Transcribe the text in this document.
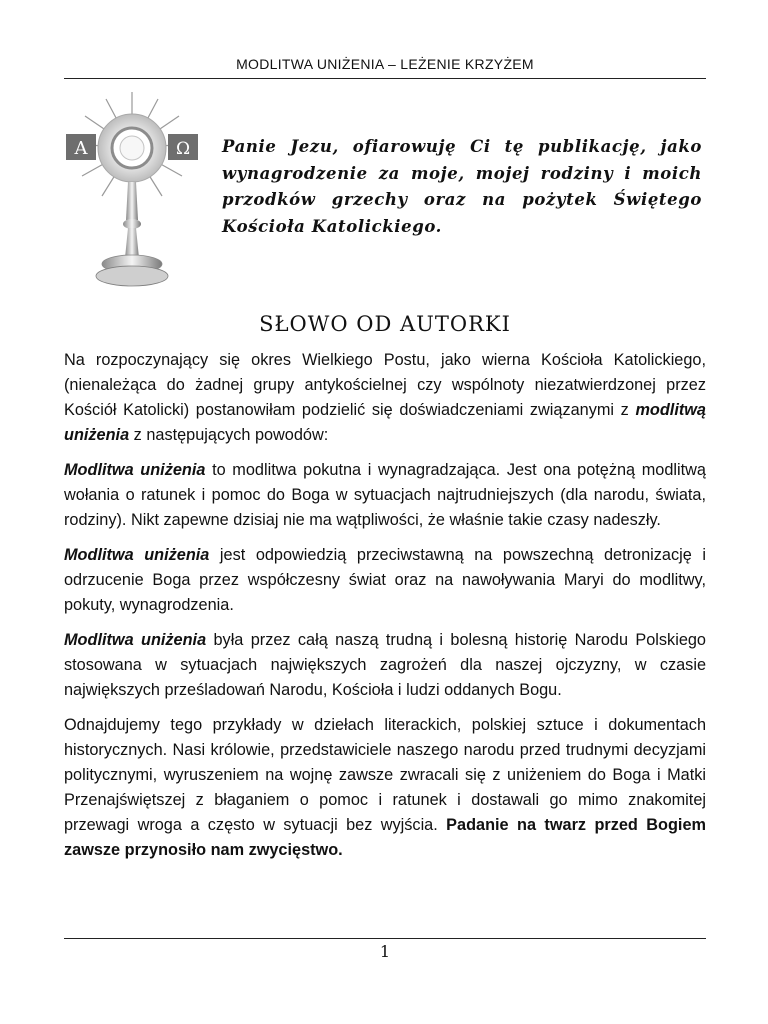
MODLITWA UNIŻENIA – LEŻENIE KRZYŻEM
A	Ω Panie Jezu, ofiarowuję Ci tę publikację, jako wynagrodzenie za moje, mojej rodziny i moich przodków grzechy oraz na pożytek Świętego Kościoła Katolickiego.
SŁOWO OD AUTORKI

Na rozpoczynający się okres Wielkiego Postu, jako wierna Kościoła Katolickiego, (nienależąca do żadnej grupy antykościelnej czy wspólnoty niezatwierdzonej przez Kościół Katolicki) postanowiłam podzielić się doświadczeniami związanymi z modlitwą uniżenia z następujących powodów:

Modlitwa uniżenia to modlitwa pokutna i wynagradzająca. Jest ona potężną modlitwą wołania o ratunek i pomoc do Boga w sytuacjach najtrudniejszych (dla narodu, świata, rodziny). Nikt zapewne dzisiaj nie ma wątpliwości, że właśnie takie czasy nadeszły.

Modlitwa uniżenia jest odpowiedzią przeciwstawną na powszechną detronizację i odrzucenie Boga przez współczesny świat oraz na nawoływania Maryi do modlitwy, pokuty, wynagrodzenia.

Modlitwa uniżenia była przez całą naszą trudną i bolesną historię Narodu Polskiego stosowana w sytuacjach największych zagrożeń dla naszej ojczyzny, w czasie największych prześladowań Narodu, Kościoła i ludzi oddanych Bogu.

Odnajdujemy tego przykłady w dziełach literackich, polskiej sztuce i dokumentach historycznych. Nasi królowie, przedstawiciele naszego narodu przed trudnymi decyzjami politycznymi, wyruszeniem na wojnę zawsze zwracali się z uniżeniem do Boga i Matki Przenajświętszej z błaganiem o pomoc i ratunek i dostawali go mimo znakomitej przewagi wroga a często w sytuacji bez wyjścia. Padanie na twarz przed Bogiem zawsze przynosiło nam zwycięstwo.

1
